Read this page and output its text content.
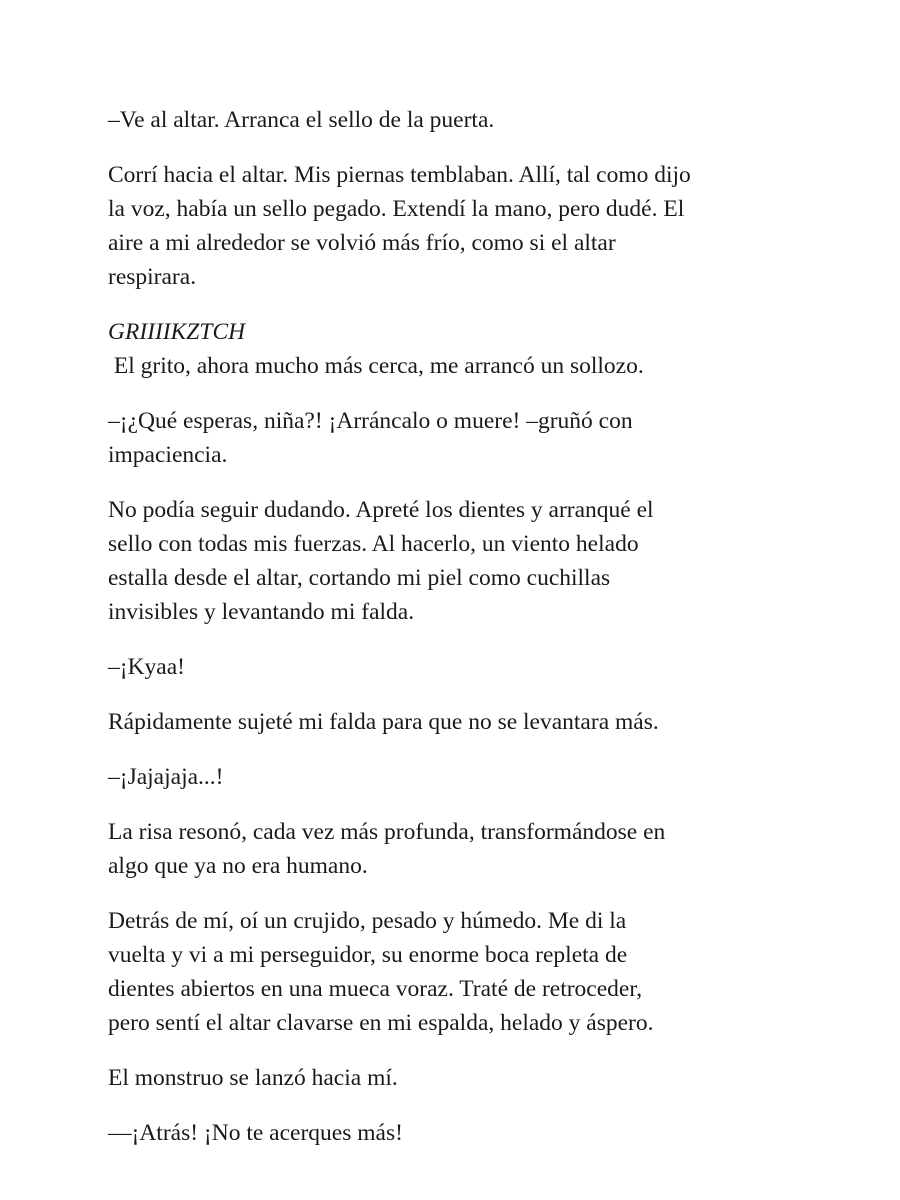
–Ve al altar. Arranca el sello de la puerta.

Corrí hacia el altar. Mis piernas temblaban. Allí, tal como dijo
la voz, había un sello pegado. Extendí la mano, pero dudé. El
aire a mi alrededor se volvió más frío, como si el altar
respirara.

GRIIIIKZTCH
El grito, ahora mucho más cerca, me arrancó un sollozo.

–¡¿Qué esperas, niña?! ¡Arráncalo o muere! –gruñó con
impaciencia.

No podía seguir dudando. Apreté los dientes y arranqué el
sello con todas mis fuerzas. Al hacerlo, un viento helado
estalla desde el altar, cortando mi piel como cuchillas
invisibles y levantando mi falda.

–¡Kyaa!

Rápidamente sujeté mi falda para que no se levantara más.

–¡Jajajaja...!

La risa resonó, cada vez más profunda, transformándose en
algo que ya no era humano.

Detrás de mí, oí un crujido, pesado y húmedo. Me di la
vuelta y vi a mi perseguidor, su enorme boca repleta de
dientes abiertos en una mueca voraz. Traté de retroceder,
pero sentí el altar clavarse en mi espalda, helado y áspero.

El monstruo se lanzó hacia mí.

—¡Atrás! ¡No te acerques más!
